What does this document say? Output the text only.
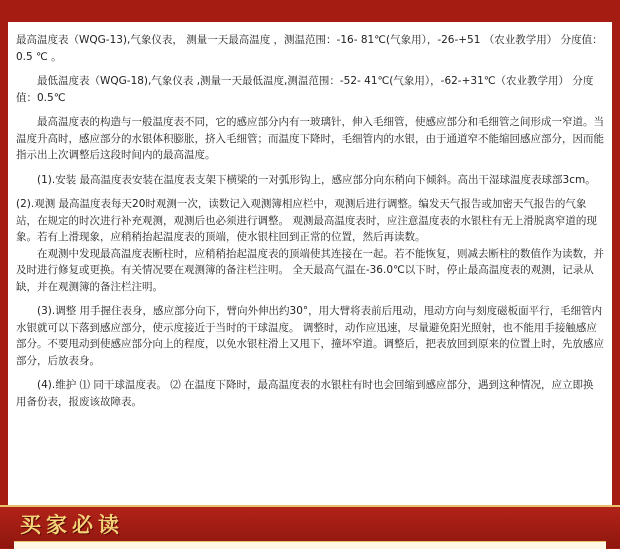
最高温度表（WQG-13),气象仪表， 测量一天最高温度 ，测温范围：-16- 81℃(气象用），-26-+51 （农业教学用） 分度值：0.5 ℃ 。

最低温度表（WQG-18),气象仪表 ,测量一天最低温度,测温范围：-52- 41℃(气象用），-62-+31℃（农业教学用） 分度值：0.5℃

最高温度表的构造与一般温度表不同，它的感应部分内有一玻璃针，伸入毛细管，使感应部分和毛细管之间形成一窄道。当温度升高时，感应部分的水银体积膨胀，挤入毛细管；而温度下降时，毛细管内的水银，由于通道窄不能缩回感应部分，因而能指示出上次调整后这段时间内的最高温度。

(1).安装 最高温度表安装在温度表支架下横梁的一对弧形钩上，感应部分向东稍向下倾斜。高出干湿球温度表球部3cm。

(2).观测 最高温度表每天20时观测一次，读数记入观测簿相应栏中，观测后进行调整。编发天气报告或加密天气报告的气象站，在规定的时次进行补充观测，观测后也必须进行调整。 观测最高温度表时，应注意温度表的水银柱有无上滑脱离窄道的现象。若有上滑现象，应稍稍抬起温度表的顶端，使水银柱回到正常的位置，然后再读数。

在观测中发现最高温度表断柱时，应稍稍抬起温度表的顶端使其连接在一起。若不能恢复，则减去断柱的数值作为读数，并及时进行修复或更换。有关情况要在观测簿的备注栏注明。 全天最高气温在-36.0℃以下时，停止最高温度表的观测，记录从缺，并在观测簿的备注栏注明。

(3).调整 用手握住表身，感应部分向下，臂向外伸出约30°，用大臂将表前后甩动，甩动方向与刻度磁板面平行，毛细管内水银就可以下落到感应部分，使示度接近于当时的干球温度。 调整时，动作应迅速，尽量避免阳光照射，也不能用手接触感应部分。不要甩动到使感应部分向上的程度，以免水银柱滑上又甩下，撞坏窄道。调整后，把表放回到原来的位置上时，先放感应部分，后放表身。

(4).维护 ⑴ 同干球温度表。 ⑵ 在温度下降时，最高温度表的水银柱有时也会回缩到感应部分，遇到这种情况，应立即换用备份表，报废该故障表。

买家必读
